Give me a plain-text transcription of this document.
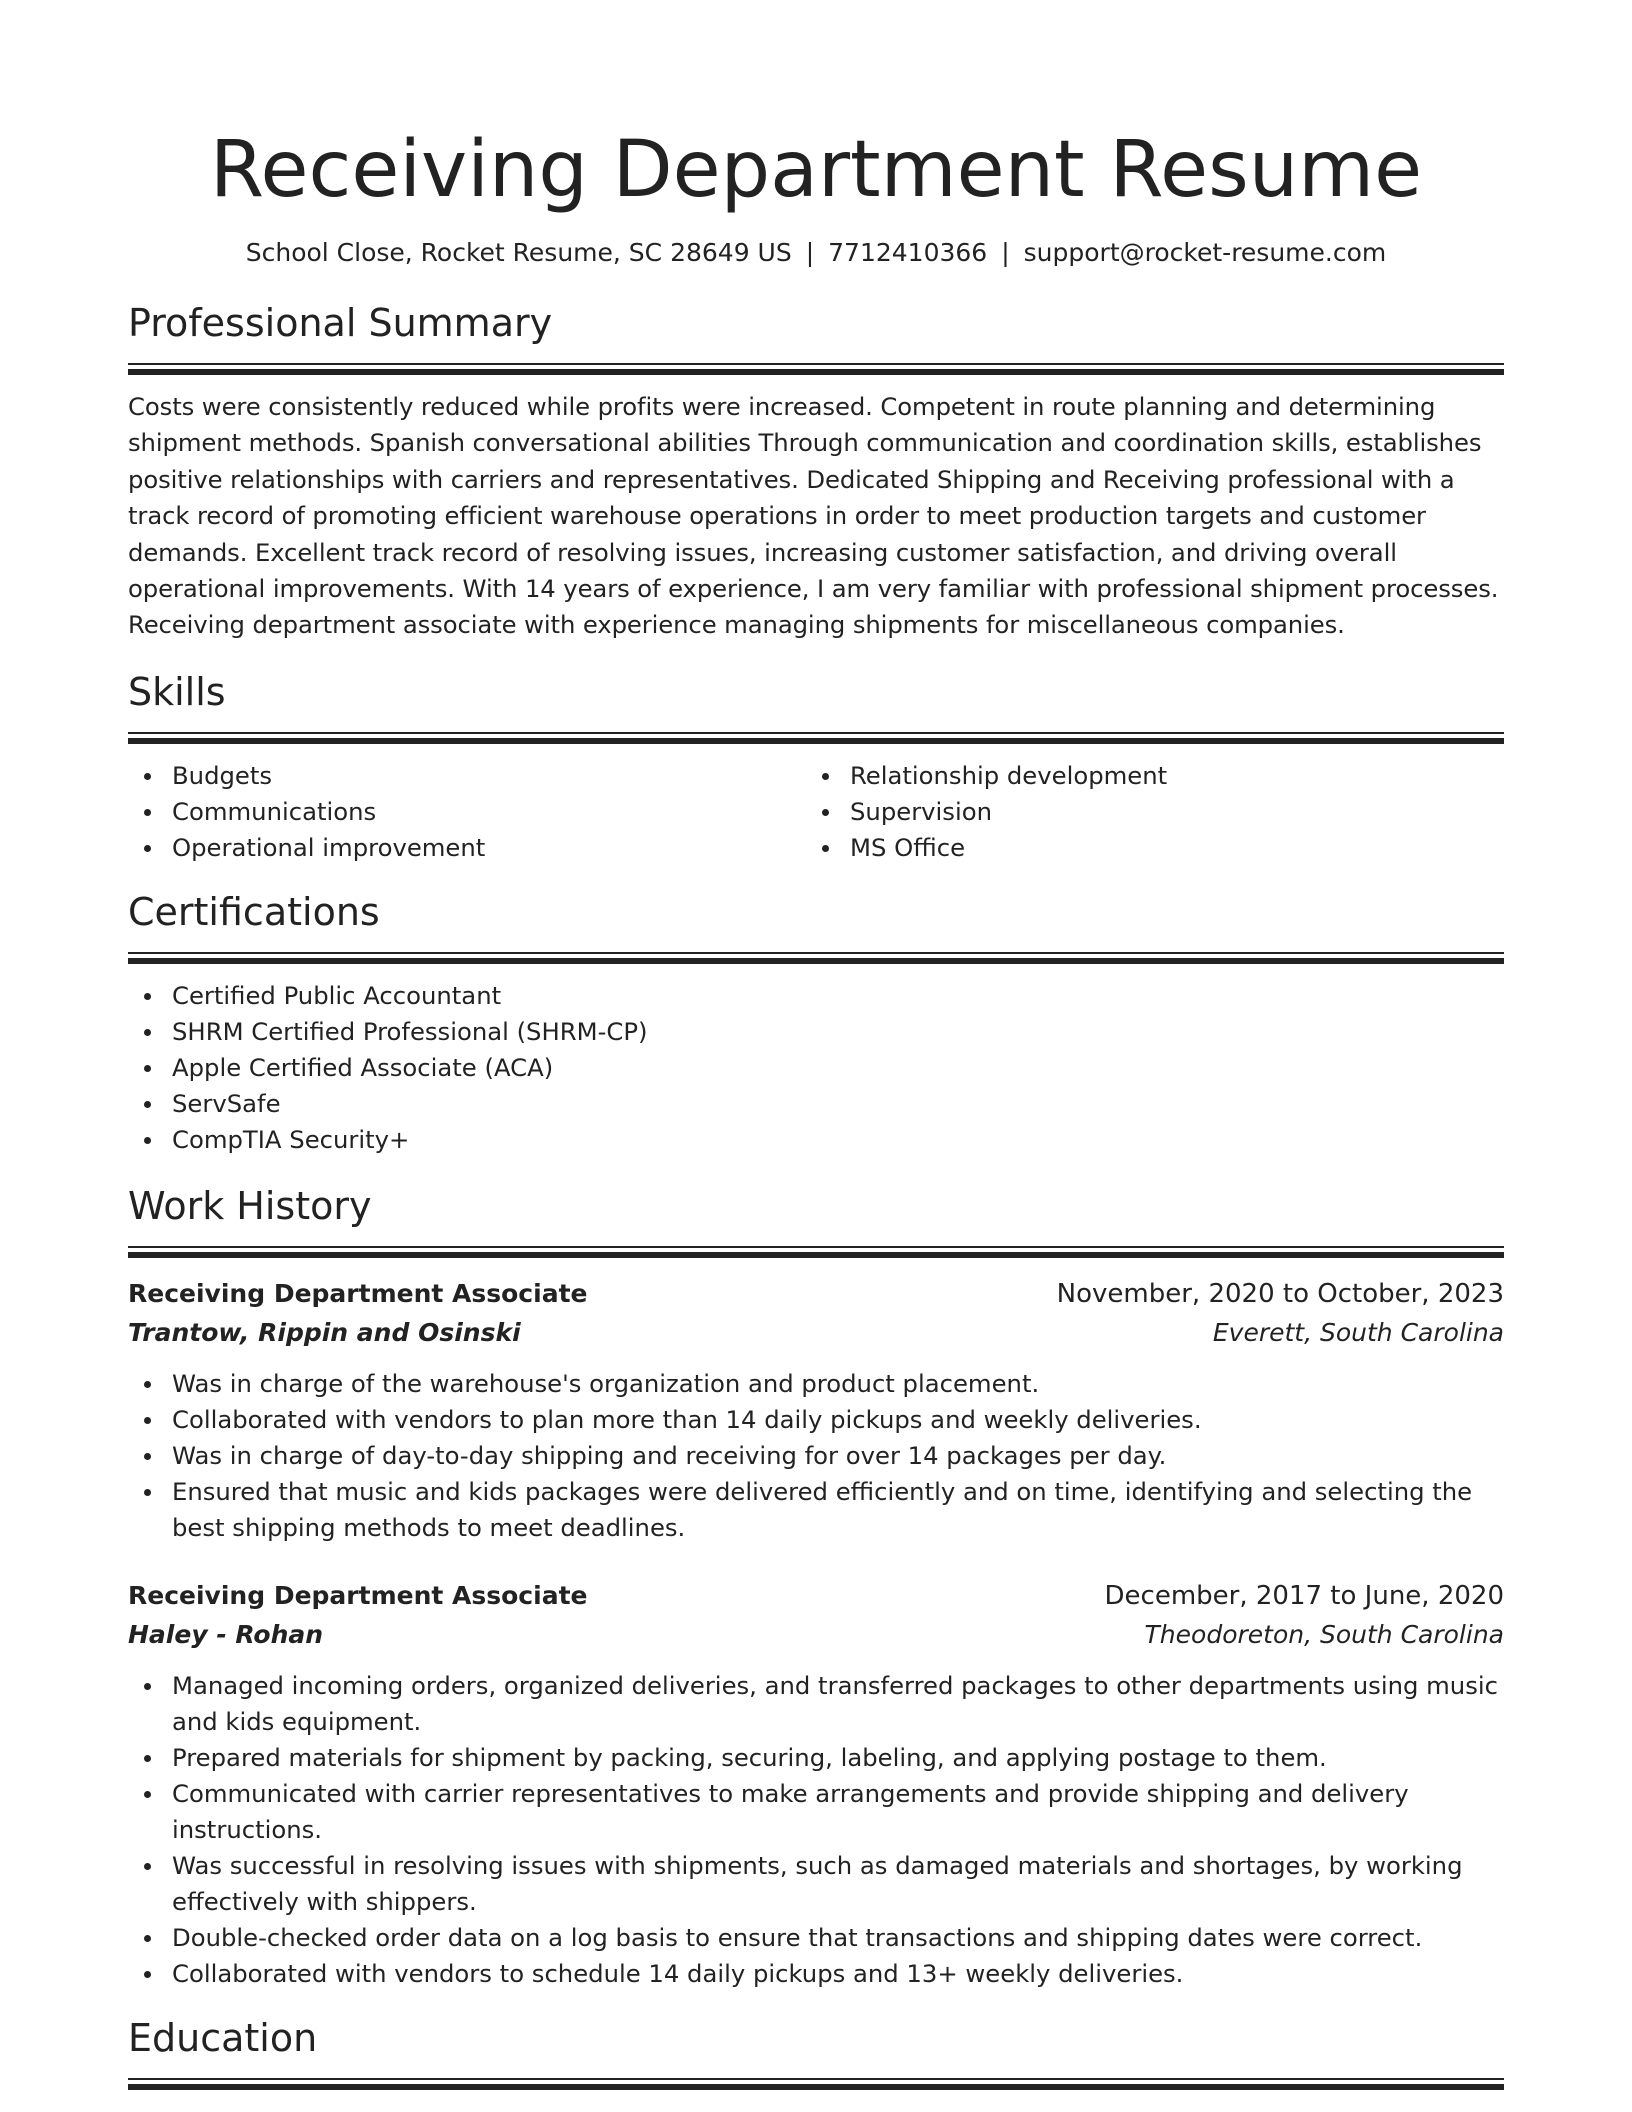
Receiving Department Resume
School Close, Rocket Resume, SC 28649 US | 7712410366 | support@rocket-resume.com
Professional Summary

Costs were consistently reduced while profits were increased. Competent in route planning and determining shipment methods. Spanish conversational abilities Through communication and coordination skills, establishes positive relationships with carriers and representatives. Dedicated Shipping and Receiving professional with a track record of promoting efficient warehouse operations in order to meet production targets and customer demands. Excellent track record of resolving issues, increasing customer satisfaction, and driving overall operational improvements. With 14 years of experience, I am very familiar with professional shipment processes. Receiving department associate with experience managing shipments for miscellaneous companies.

Skills
Budgets
Communications
Operational improvement
Relationship development
Supervision
MS Office
Certifications
Certified Public Accountant
SHRM Certified Professional (SHRM-CP)
Apple Certified Associate (ACA)
ServSafe
CompTIA Security+
Work History
Receiving Department Associate	November, 2020 to October, 2023
Trantow, Rippin and Osinski	Everett, South Carolina
Was in charge of the warehouse's organization and product placement.
Collaborated with vendors to plan more than 14 daily pickups and weekly deliveries.
Was in charge of day-to-day shipping and receiving for over 14 packages per day.
Ensured that music and kids packages were delivered efficiently and on time, identifying and selecting the best shipping methods to meet deadlines.
Receiving Department Associate	December, 2017 to June, 2020
Haley - Rohan	Theodoreton, South Carolina
Managed incoming orders, organized deliveries, and transferred packages to other departments using music and kids equipment.
Prepared materials for shipment by packing, securing, labeling, and applying postage to them.
Communicated with carrier representatives to make arrangements and provide shipping and delivery instructions.
Was successful in resolving issues with shipments, such as damaged materials and shortages, by working effectively with shippers.
Double-checked order data on a log basis to ensure that transactions and shipping dates were correct.
Collaborated with vendors to schedule 14 daily pickups and 13+ weekly deliveries.
Education
